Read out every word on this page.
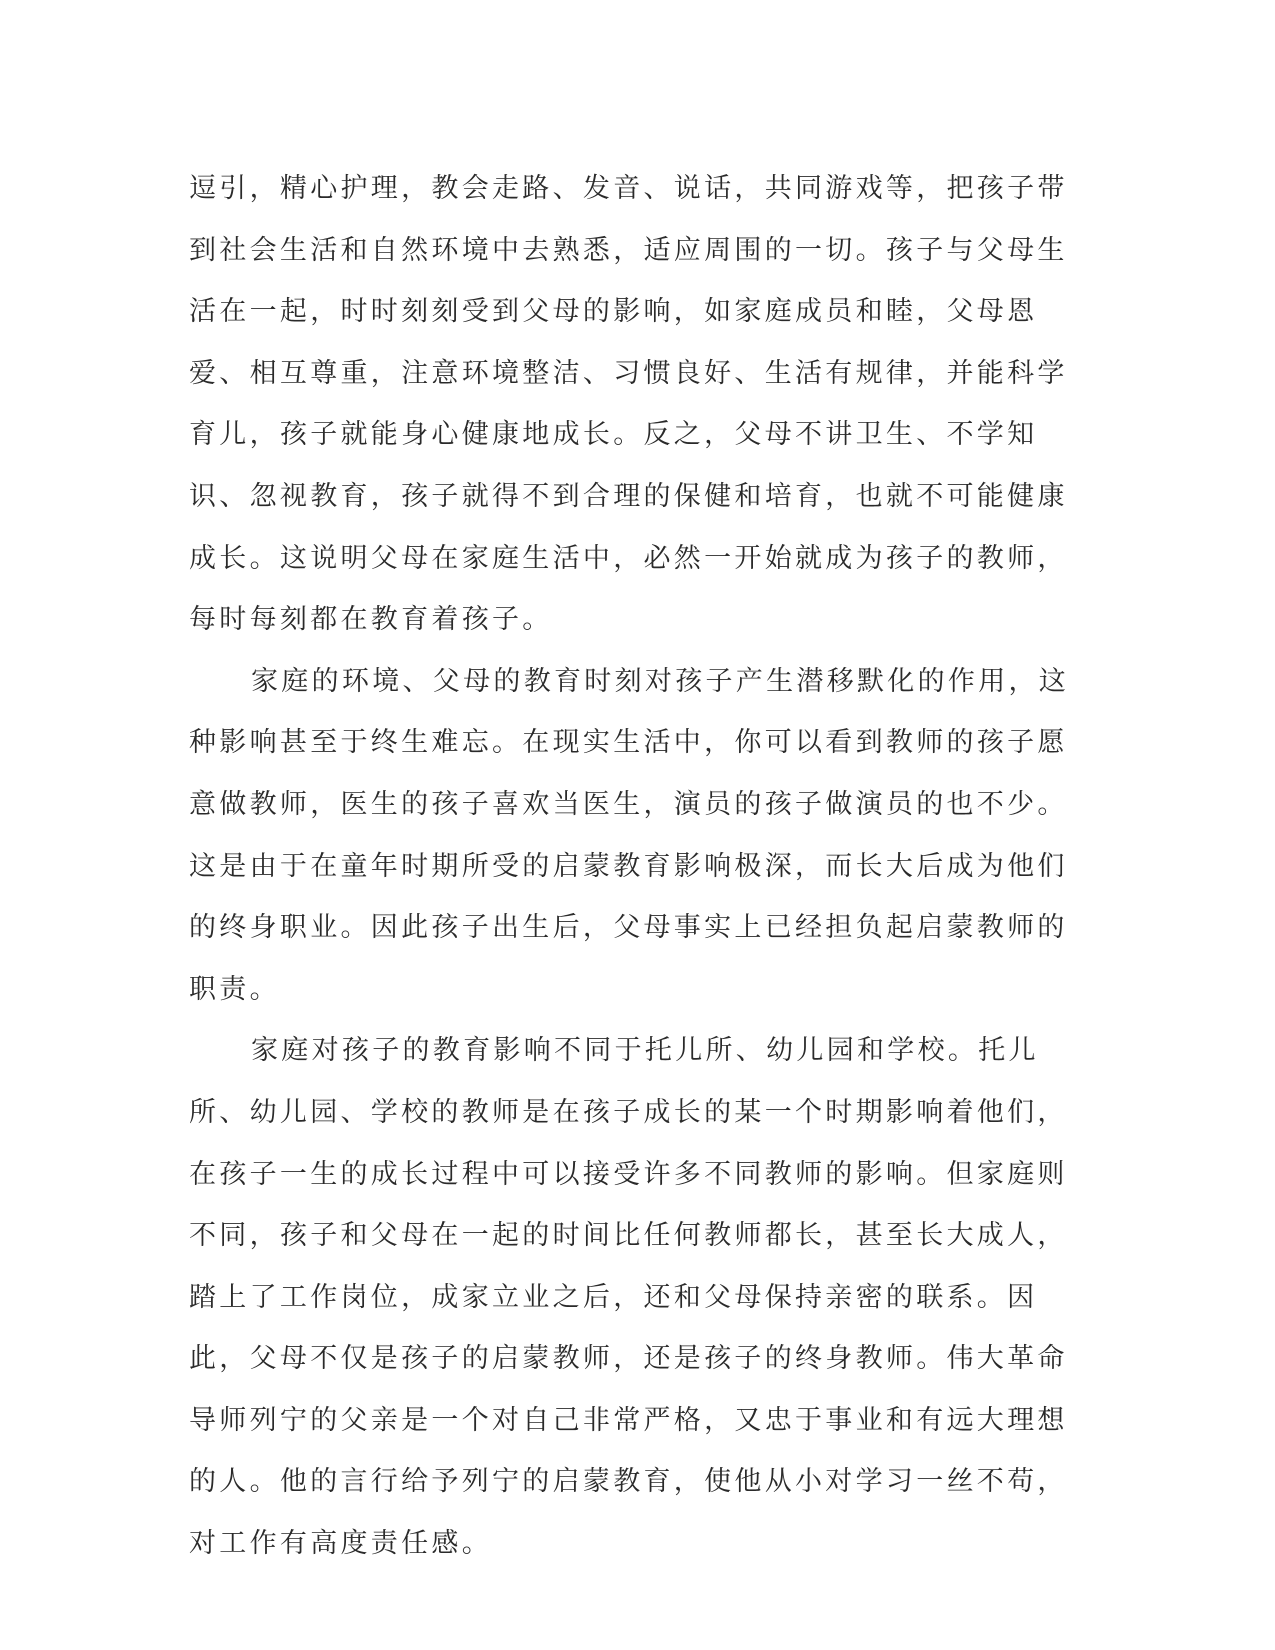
逗引，精心护理，教会走路、发音、说话，共同游戏等，把孩子带到社会生活和自然环境中去熟悉，适应周围的一切。孩子与父母生活在一起，时时刻刻受到父母的影响，如家庭成员和睦，父母恩爱、相互尊重，注意环境整洁、习惯良好、生活有规律，并能科学育儿，孩子就能身心健康地成长。反之，父母不讲卫生、不学知识、忽视教育，孩子就得不到合理的保健和培育，也就不可能健康成长。这说明父母在家庭生活中，必然一开始就成为孩子的教师，每时每刻都在教育着孩子。

家庭的环境、父母的教育时刻对孩子产生潜移默化的作用，这种影响甚至于终生难忘。在现实生活中，你可以看到教师的孩子愿意做教师，医生的孩子喜欢当医生，演员的孩子做演员的也不少。这是由于在童年时期所受的启蒙教育影响极深，而长大后成为他们的终身职业。因此孩子出生后，父母事实上已经担负起启蒙教师的职责。

家庭对孩子的教育影响不同于托儿所、幼儿园和学校。托儿所、幼儿园、学校的教师是在孩子成长的某一个时期影响着他们，在孩子一生的成长过程中可以接受许多不同教师的影响。但家庭则不同，孩子和父母在一起的时间比任何教师都长，甚至长大成人，踏上了工作岗位，成家立业之后，还和父母保持亲密的联系。因此，父母不仅是孩子的启蒙教师，还是孩子的终身教师。伟大革命导师列宁的父亲是一个对自己非常严格，又忠于事业和有远大理想的人。他的言行给予列宁的启蒙教育，使他从小对学习一丝不苟，对工作有高度责任感。
